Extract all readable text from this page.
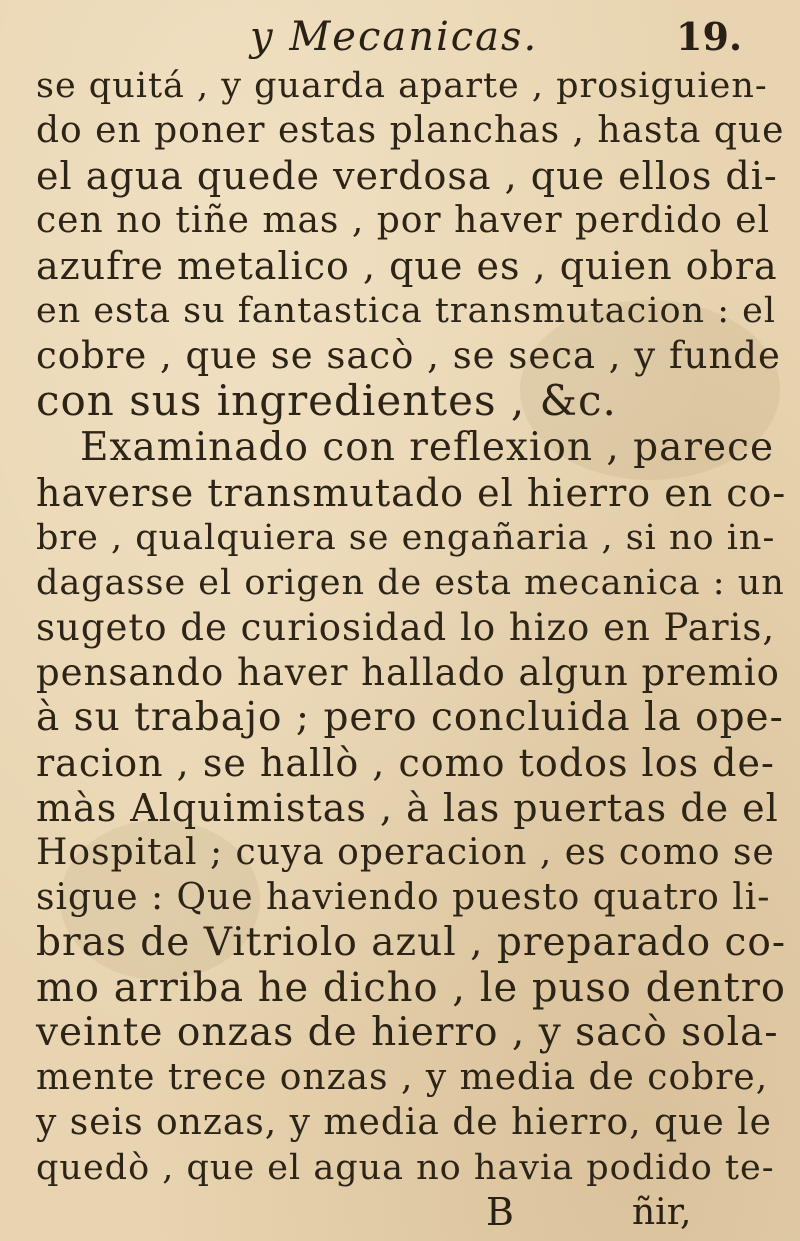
y Mecanicas.	19.
se quitá , y guarda aparte , prosiguien-
do en poner estas planchas , hasta que
el agua quede verdosa , que ellos di-
cen no tiñe mas , por haver perdido el
azufre metalico , que es , quien obra
en esta su fantastica transmutacion : el
cobre , que se sacò , se seca , y funde
con sus ingredientes , &c.
Examinado con reflexion , parece
haverse transmutado el hierro en co-
bre , qualquiera se engañaria , si no in-
dagasse el origen de esta mecanica : un
sugeto de curiosidad lo hizo en Paris,
pensando haver hallado algun premio
à su trabajo ; pero concluida la ope-
racion , se hallò , como todos los de-
màs Alquimistas , à las puertas de el
Hospital ; cuya operacion , es como se
sigue : Que haviendo puesto quatro li-
bras de Vitriolo azul , preparado co-
mo arriba he dicho , le puso dentro
veinte onzas de hierro , y sacò sola-
mente trece onzas , y media de cobre,
y seis onzas, y media de hierro, que le
quedò , que el agua no havia podido te-
B	ñir,
